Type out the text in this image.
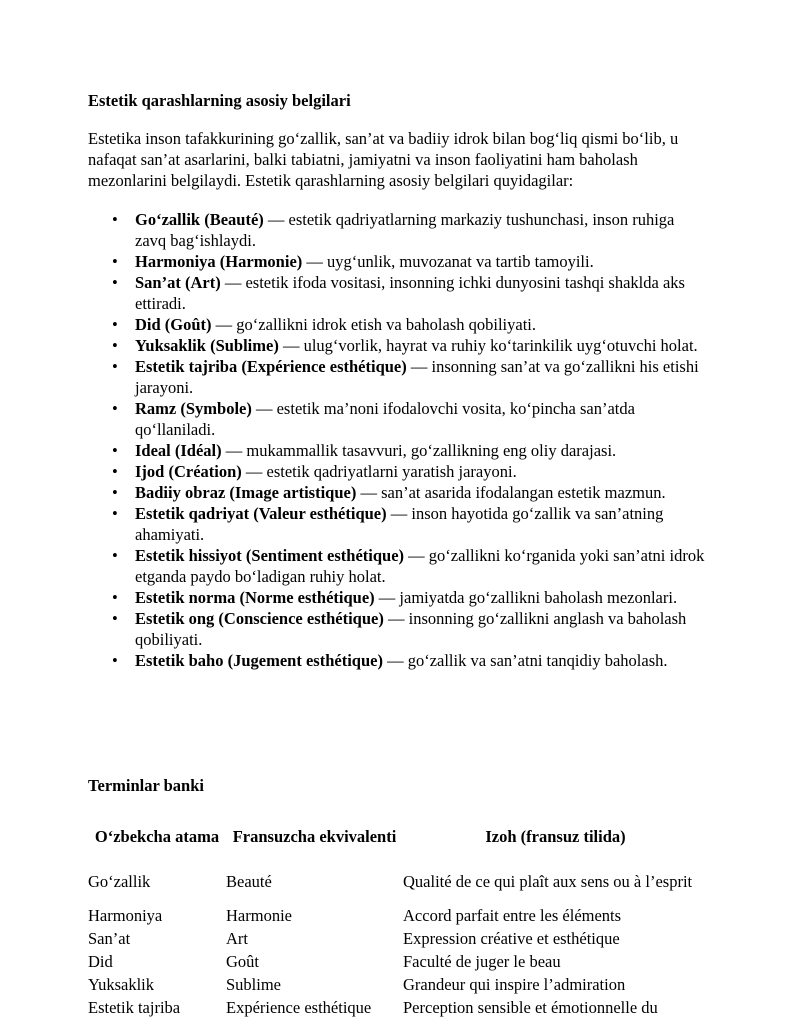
Estetik qarashlarning asosiy belgilari
Estetika inson tafakkurining go‘zallik, san’at va badiiy idrok bilan bog‘liq qismi bo‘lib, u nafaqat san’at asarlarini, balki tabiatni, jamiyatni va inson faoliyatini ham baholash mezonlarini belgilaydi. Estetik qarashlarning asosiy belgilari quyidagilar:
• Go‘zallik (Beauté) — estetik qadriyatlarning markaziy tushunchasi, inson ruhiga zavq bag‘ishlaydi.
• Harmoniya (Harmonie) — uyg‘unlik, muvozanat va tartib tamoyili.
• San’at (Art) — estetik ifoda vositasi, insonning ichki dunyosini tashqi shaklda aks ettiradi.
• Did (Goût) — go‘zallikni idrok etish va baholash qobiliyati.
• Yuksaklik (Sublime) — ulug‘vorlik, hayrat va ruhiy ko‘tarinkilik uyg‘otuvchi holat.
• Estetik tajriba (Expérience esthétique) — insonning san’at va go‘zallikni his etishi jarayoni.
• Ramz (Symbole) — estetik ma’noni ifodalovchi vosita, ko‘pincha san’atda qo‘llaniladi.
• Ideal (Idéal) — mukammallik tasavvuri, go‘zallikning eng oliy darajasi.
• Ijod (Création) — estetik qadriyatlarni yaratish jarayoni.
• Badiiy obraz (Image artistique) — san’at asarida ifodalangan estetik mazmun.
• Estetik qadriyat (Valeur esthétique) — inson hayotida go‘zallik va san’atning ahamiyati.
• Estetik hissiyot (Sentiment esthétique) — go‘zallikni ko‘rganida yoki san’atni idrok etganda paydo bo‘ladigan ruhiy holat.
• Estetik norma (Norme esthétique) — jamiyatda go‘zallikni baholash mezonlari.
• Estetik ong (Conscience esthétique) — insonning go‘zallikni anglash va baholash qobiliyati.
• Estetik baho (Jugement esthétique) — go‘zallik va san’atni tanqidiy baholash.
Terminlar banki
O‘zbekcha atama	Fransuzcha ekvivalenti	Izoh (fransuz tilida)
Go‘zallik	Beauté	Qualité de ce qui plaît aux sens ou à l’esprit
Harmoniya	Harmonie	Accord parfait entre les éléments
San’at	Art	Expression créative et esthétique
Did	Goût	Faculté de juger le beau
Yuksaklik	Sublime	Grandeur qui inspire l’admiration
Estetik tajriba	Expérience esthétique	Perception sensible et émotionnelle du
